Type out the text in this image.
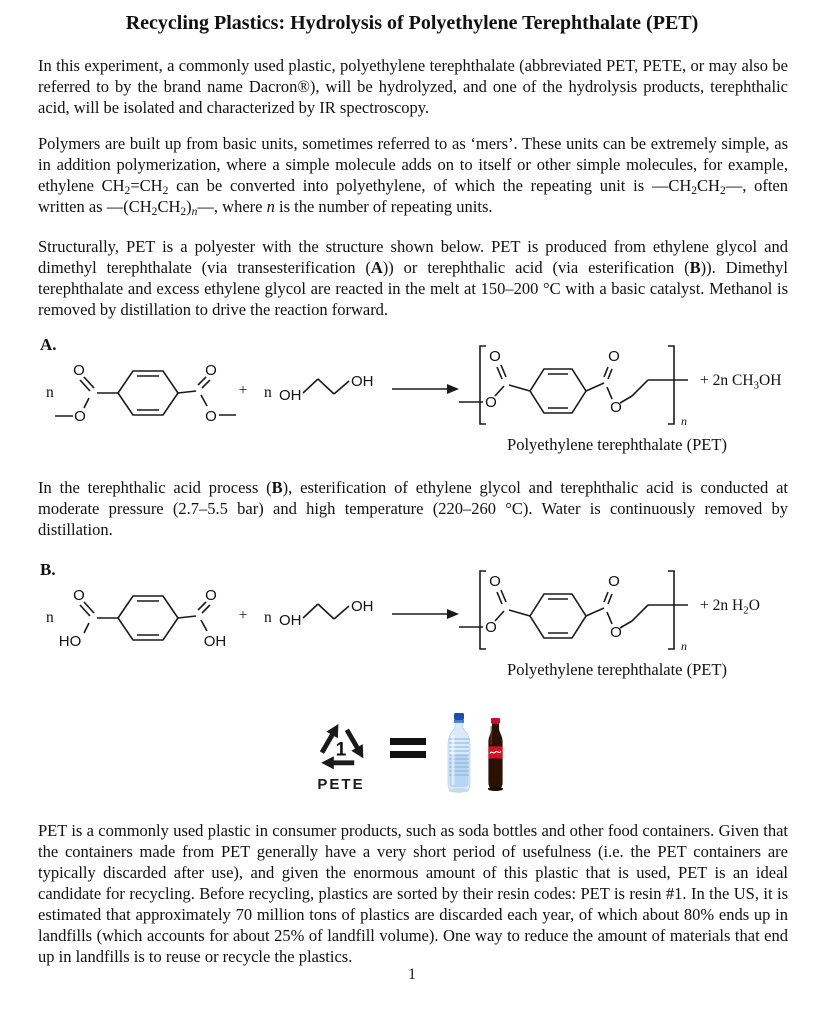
Recycling Plastics: Hydrolysis of Polyethylene Terephthalate (PET)

In this experiment, a commonly used plastic, polyethylene terephthalate (abbreviated PET, PETE, or may also be referred to by the brand name Dacron®), will be hydrolyzed, and one of the hydrolysis products, terephthalic acid, will be isolated and characterized by IR spectroscopy.

Polymers are built up from basic units, sometimes referred to as ‘mers’. These units can be extremely simple, as in addition polymerization, where a simple molecule adds on to itself or other simple molecules, for example, ethylene $CH_2=CH_2$ can be converted into polyethylene, of which the repeating unit is $—CH_2CH_2—$, often written as $—(CH_2CH_2)_n—$, where n is the number of repeating units.

Structurally, PET is a polyester with the structure shown below. PET is produced from ethylene glycol and dimethyl terephthalate (via transesterification (A)) or terephthalic acid (via esterification (B)). Dimethyl terephthalate and excess ethylene glycol are reacted in the melt at 150–200 °C with a basic catalyst. Methanol is removed by distillation to drive the reaction forward.

A.
n
O
O
O
O
+ n OH
OH
O
O	O
O
n
+ 2n $CH_3OH$
Polyethylene terephthalate (PET)

In the terephthalic acid process (B), esterification of ethylene glycol and terephthalic acid is conducted at moderate pressure (2.7–5.5 bar) and high temperature (220–260 °C). Water is continuously removed by distillation.

B.
n
O
HO
O
OH
+ n OH
OH
O
O	O
O
n
+ 2n $H_2O$
Polyethylene terephthalate (PET)
1
PETE

PET is a commonly used plastic in consumer products, such as soda bottles and other food containers. Given that the containers made from PET generally have a very short period of usefulness (i.e. the PET containers are typically discarded after use), and given the enormous amount of this plastic that is used, PET is an ideal candidate for recycling. Before recycling, plastics are sorted by their resin codes: PET is resin #1. In the US, it is estimated that approximately 70 million tons of plastics are discarded each year, of which about 80% ends up in landfills (which accounts for about 25% of landfill volume). One way to reduce the amount of materials that end up in landfills is to reuse or recycle the plastics.

1
